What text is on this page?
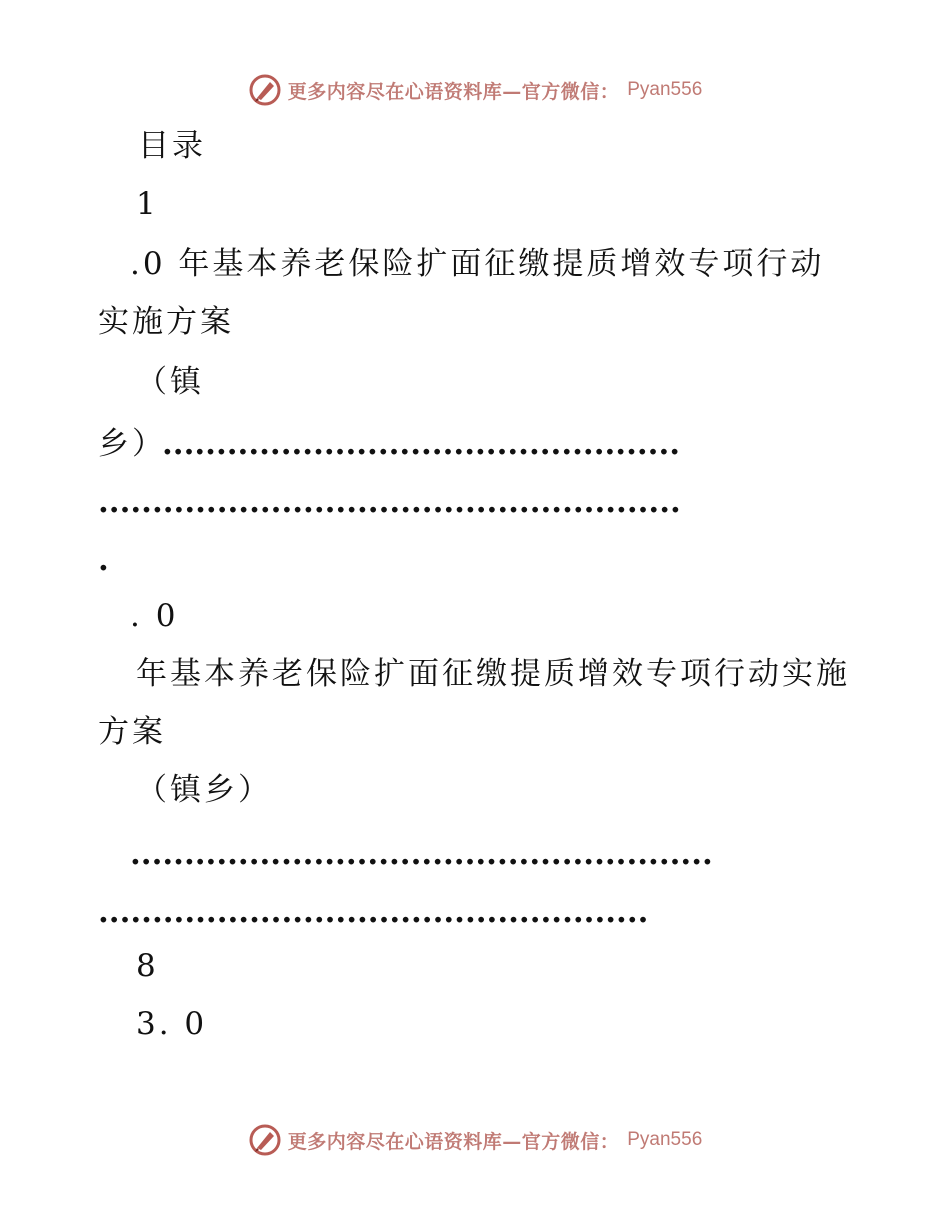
更多内容尽在心语资料库—官方微信： Pyan556
目录
1
.0 年基本养老保险扩面征缴提质增效专项行动
实施方案
（镇
乡）
................................................
......................................................
.
. 0
年基本养老保险扩面征缴提质增效专项行动实施
方案
（镇乡）
......................................................
...................................................
8
3. 0
更多内容尽在心语资料库—官方微信： Pyan556
